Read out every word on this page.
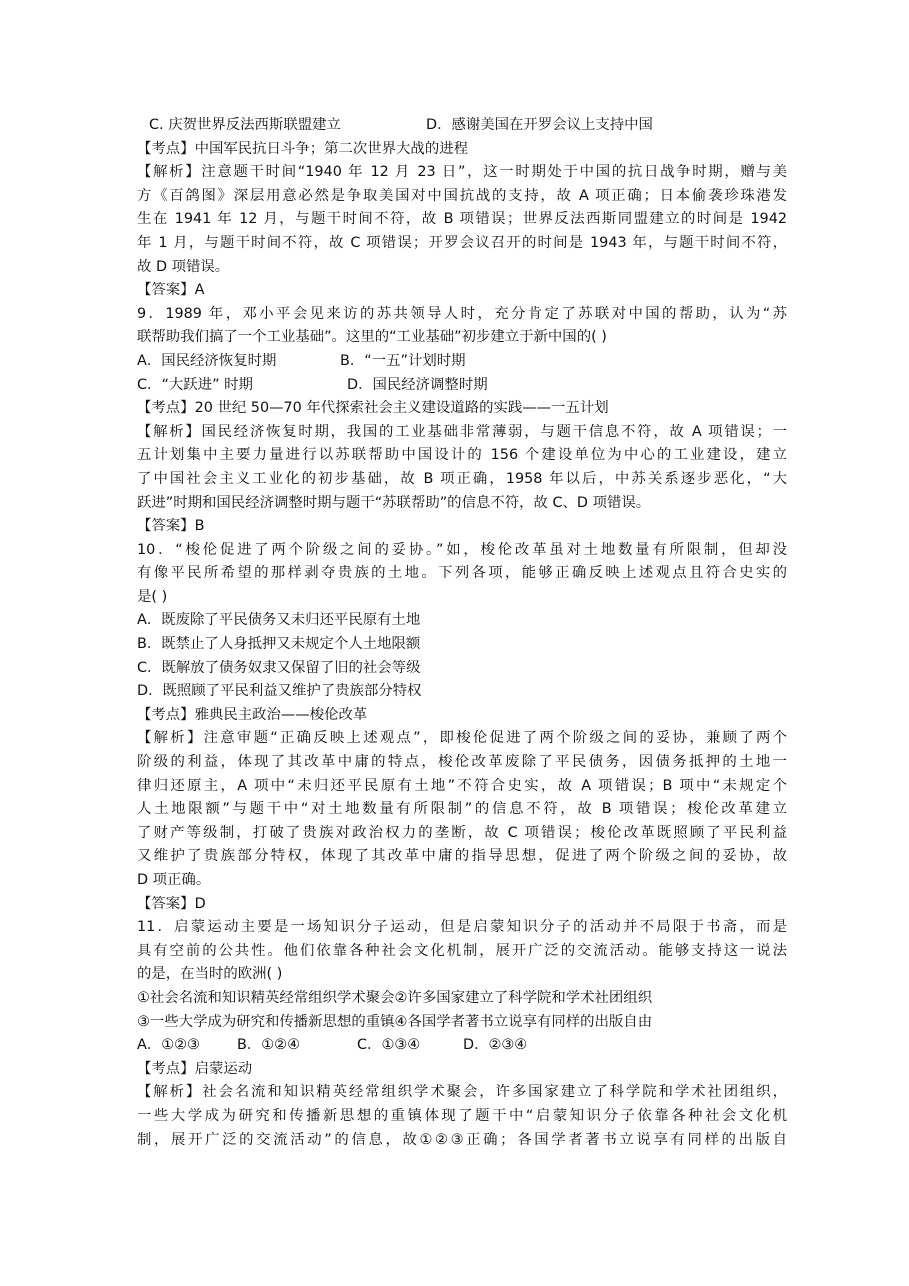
C. 庆贺世界反法西斯联盟建立	D．感谢美国在开罗会议上支持中国
【考点】中国军民抗日斗争；第二次世界大战的进程
【解析】注意题干时间“1940 年 12 月 23 日”，这一时期处于中国的抗日战争时期，赠与美
方《百鸽图》深层用意必然是争取美国对中国抗战的支持，故 A 项正确；日本偷袭珍珠港发
生在 1941 年 12 月，与题干时间不符，故 B 项错误；世界反法西斯同盟建立的时间是 1942
年 1 月，与题干时间不符，故 C 项错误；开罗会议召开的时间是 1943 年，与题干时间不符，
故 D 项错误。
【答案】A
9．1989 年，邓小平会见来访的苏共领导人时，充分肯定了苏联对中国的帮助，认为“苏
联帮助我们搞了一个工业基础”。这里的“工业基础”初步建立于新中国的( )
A．国民经济恢复时期	B．“一五”计划时期
C．“大跃进” 时期	D．国民经济调整时期
【考点】20 世纪 50—70 年代探索社会主义建设道路的实践——一五计划
【解析】国民经济恢复时期，我国的工业基础非常薄弱，与题干信息不符，故 A 项错误；一
五计划集中主要力量进行以苏联帮助中国设计的 156 个建设单位为中心的工业建设，建立
了中国社会主义工业化的初步基础，故 B 项正确，1958 年以后，中苏关系逐步恶化，“大
跃进”时期和国民经济调整时期与题干“苏联帮助”的信息不符，故 C、D 项错误。
【答案】B
10．“梭伦促进了两个阶级之间的妥协。”如，梭伦改革虽对土地数量有所限制，但却没
有像平民所希望的那样剥夺贵族的土地。下列各项，能够正确反映上述观点且符合史实的
是( )
A．既废除了平民债务又未归还平民原有土地
B．既禁止了人身抵押又未规定个人土地限额
C．既解放了债务奴隶又保留了旧的社会等级
D．既照顾了平民利益又维护了贵族部分特权
【考点】雅典民主政治——梭伦改革
【解析】注意审题“正确反映上述观点”，即梭伦促进了两个阶级之间的妥协，兼顾了两个
阶级的利益，体现了其改革中庸的特点，梭伦改革废除了平民债务，因债务抵押的土地一
律归还原主，A 项中“未归还平民原有土地”不符合史实，故 A 项错误；B 项中“未规定个
人土地限额”与题干中“对土地数量有所限制”的信息不符，故 B 项错误；梭伦改革建立
了财产等级制，打破了贵族对政治权力的垄断，故 C 项错误；梭伦改革既照顾了平民利益
又维护了贵族部分特权，体现了其改革中庸的指导思想，促进了两个阶级之间的妥协，故
D 项正确。
【答案】D
11．启蒙运动主要是一场知识分子运动，但是启蒙知识分子的活动并不局限于书斋，而是
具有空前的公共性。他们依靠各种社会文化机制，展开广泛的交流活动。能够支持这一说法
的是，在当时的欧洲( )
①社会名流和知识精英经常组织学术聚会②许多国家建立了科学院和学术社团组织
③一些大学成为研究和传播新思想的重镇④各国学者著书立说享有同样的出版自由
A．①②③	B．①②④	C．①③④	D．②③④
【考点】启蒙运动
【解析】社会名流和知识精英经常组织学术聚会，许多国家建立了科学院和学术社团组织，
一些大学成为研究和传播新思想的重镇体现了题干中“启蒙知识分子依靠各种社会文化机
制，展开广泛的交流活动”的信息，故①②③正确；各国学者著书立说享有同样的出版自
